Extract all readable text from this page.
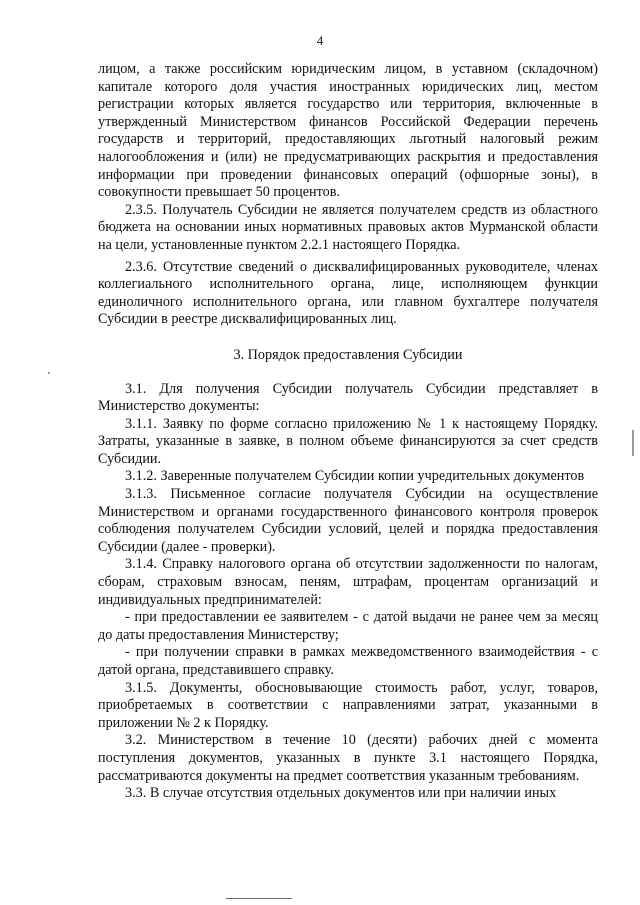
4

лицом, а также российским юридическим лицом, в уставном (складочном) капитале которого доля участия иностранных юридических лиц, местом регистрации которых является государство или территория, включенные в утвержденный Министерством финансов Российской Федерации перечень государств и территорий, предоставляющих льготный налоговый режим налогообложения и (или) не предусматривающих раскрытия и предоставления информации при проведении финансовых операций (офшорные зоны), в совокупности превышает 50 процентов.

2.3.5. Получатель Субсидии не является получателем средств из областного бюджета на основании иных нормативных правовых актов Мурманской области на цели, установленные пунктом 2.2.1 настоящего Порядка.

2.3.6. Отсутствие сведений о дисквалифицированных руководителе, членах коллегиального исполнительного органа, лице, исполняющем функции единоличного исполнительного органа, или главном бухгалтере получателя Субсидии в реестре дисквалифицированных лиц.

3. Порядок предоставления Субсидии

3.1. Для получения Субсидии получатель Субсидии представляет в Министерство документы:

3.1.1. Заявку по форме согласно приложению № 1 к настоящему Порядку. Затраты, указанные в заявке, в полном объеме финансируются за счет средств Субсидии.

3.1.2. Заверенные получателем Субсидии копии учредительных документов

3.1.3. Письменное согласие получателя Субсидии на осуществление Министерством и органами государственного финансового контроля проверок соблюдения получателем Субсидии условий, целей и порядка предоставления Субсидии (далее - проверки).

3.1.4. Справку налогового органа об отсутствии задолженности по налогам, сборам, страховым взносам, пеням, штрафам, процентам организаций и индивидуальных предпринимателей:

- при предоставлении ее заявителем - с датой выдачи не ранее чем за месяц до даты предоставления Министерству;

- при получении справки в рамках межведомственного взаимодействия - с датой органа, представившего справку.

3.1.5. Документы, обосновывающие стоимость работ, услуг, товаров, приобретаемых в соответствии с направлениями затрат, указанными в приложении № 2 к Порядку.

3.2. Министерством в течение 10 (десяти) рабочих дней с момента поступления документов, указанных в пункте 3.1 настоящего Порядка, рассматриваются документы на предмет соответствия указанным требованиям.

3.3. В случае отсутствия отдельных документов или при наличии иных
